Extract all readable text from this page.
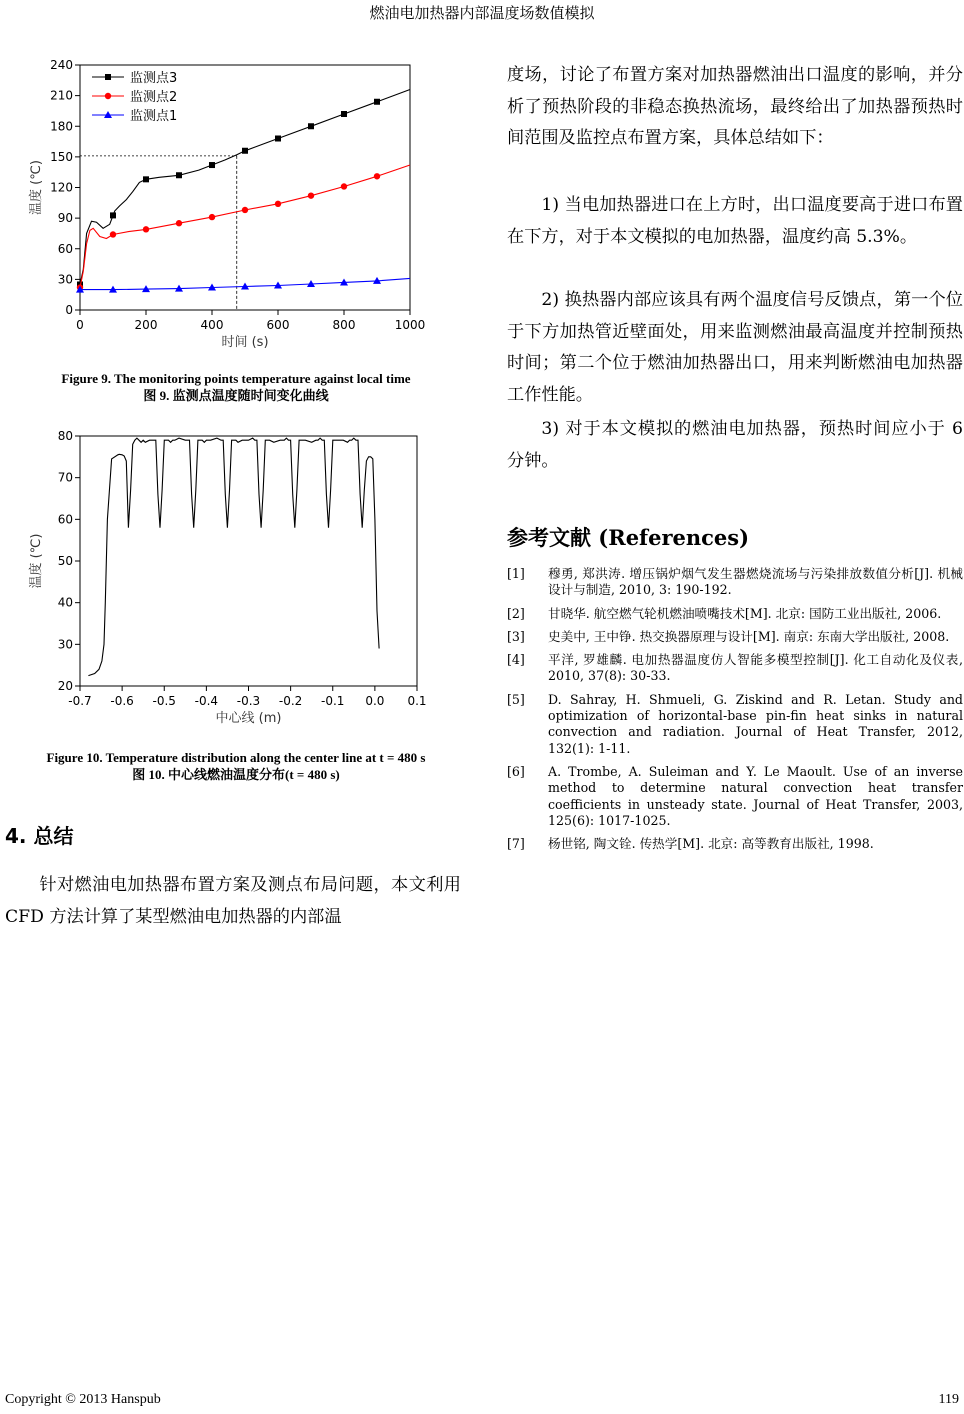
燃油电加热器内部温度场数值模拟
0
30
60
90
120
150
180
210
240
0	200	400	600	800	1000
时间 (s)
温度 (℃)
监测点3
监测点2
监测点1
Figure 9. The monitoring points temperature against local time
图 9. 监测点温度随时间变化曲线
20
30
40
50
60
70
80
-0.7 -0.6 -0.5 -0.4 -0.3 -0.2 -0.1 0.0 0.1
中心线 (m)
温度 (℃)
Figure 10. Temperature distribution along the center line at t = 480 s
图 10. 中心线燃油温度分布(t = 480 s)
4. 总结
针对燃油电加热器布置方案及测点布局问题，本文利用 CFD 方法计算了某型燃油电加热器的内部温
度场，讨论了布置方案对加热器燃油出口温度的影响，并分析了预热阶段的非稳态换热流场，最终给出了加热器预热时间范围及监控点布置方案，具体总结如下：
1) 当电加热器进口在上方时，出口温度要高于进口布置在下方，对于本文模拟的电加热器，温度约高 5.3%。
2) 换热器内部应该具有两个温度信号反馈点，第一个位于下方加热管近壁面处，用来监测燃油最高温度并控制预热时间；第二个位于燃油加热器出口，用来判断燃油电加热器工作性能。
3) 对于本文模拟的燃油电加热器，预热时间应小于 6 分钟。
参考文献 (References)
[1]	穆勇, 郑洪涛. 增压锅炉烟气发生器燃烧流场与污染排放数值分析[J]. 机械设计与制造, 2010, 3: 190-192.
[2]	甘晓华. 航空燃气轮机燃油喷嘴技术[M]. 北京: 国防工业出版社, 2006.
[3]	史美中, 王中铮. 热交换器原理与设计[M]. 南京: 东南大学出版社, 2008.
[4]	平洋, 罗雄麟. 电加热器温度仿人智能多模型控制[J]. 化工自动化及仪表, 2010, 37(8): 30-33.
[5]	D. Sahray, H. Shmueli, G. Ziskind and R. Letan. Study and optimization of horizontal-base pin-fin heat sinks in natural convection and radiation. Journal of Heat Transfer, 2012, 132(1): 1-11.
[6]	A. Trombe, A. Suleiman and Y. Le Maoult. Use of an inverse method to determine natural convection heat transfer coefficients in unsteady state. Journal of Heat Transfer, 2003, 125(6): 1017-1025.
[7]	杨世铭, 陶文铨. 传热学[M]. 北京: 高等教育出版社, 1998.
Copyright © 2013 Hanspub	119
